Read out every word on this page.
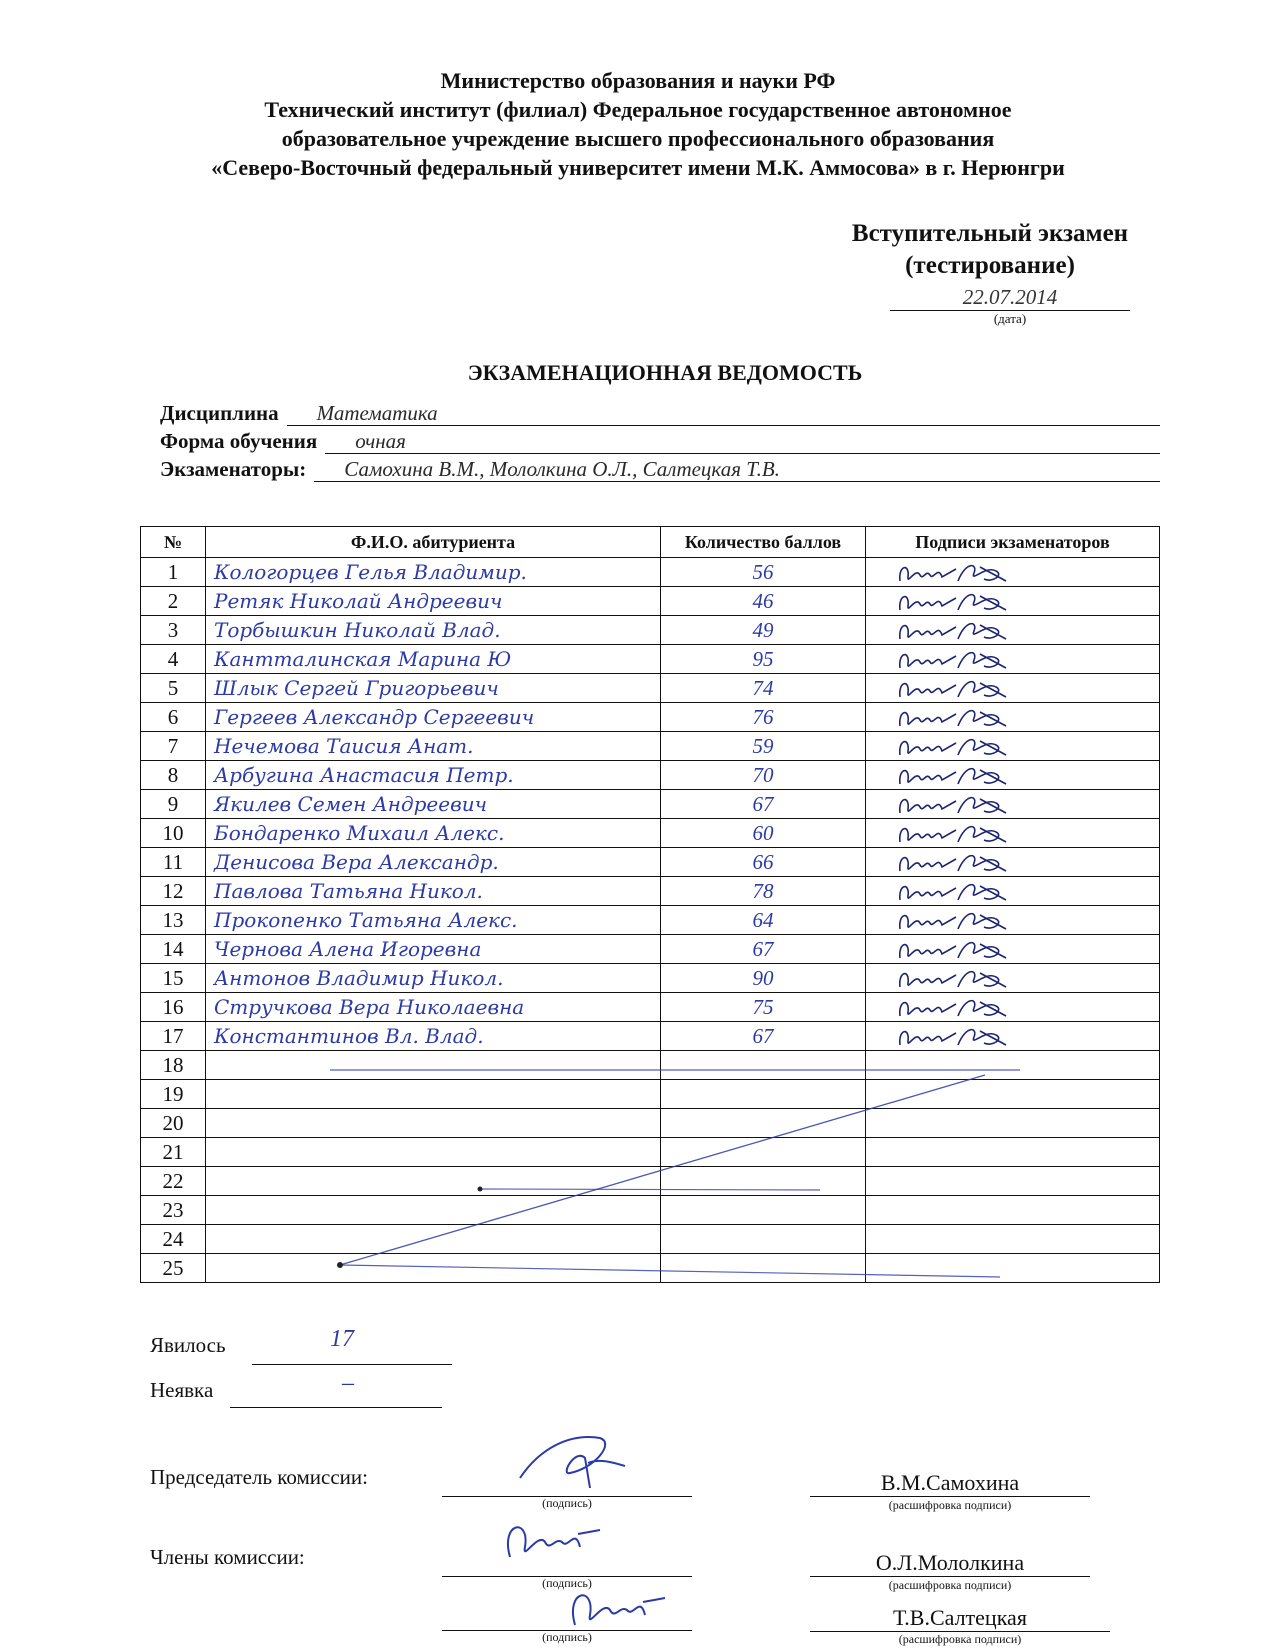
Министерство образования и науки РФ
Технический институт (филиал) Федеральное государственное автономное
образовательное учреждение высшего профессионального образования
«Северо-Восточный федеральный университет имени М.К. Аммосова» в г. Нерюнгри
Вступительный экзамен
(тестирование)
22.07.2014
(дата)
ЭКЗАМЕНАЦИОННАЯ ВЕДОМОСТЬ
Дисциплина	Математика
Форма обучения	очная
Экзаменаторы:	Самохина В.М., Mололкина О.Л., Салтецкая Т.В.
№	Ф.И.О. абитуриента	Количество баллов	Подписи экзаменаторов
1	Кологорцев Гелья Владимир.	56	

2	Ретяк Николай Андреевич	46	

3	Торбышкин Николай Влад.	49	

4	Кантталинская Марина Ю	95	

5	Шлык Сергей Григорьевич	74	

6	Гергеев Александр Сергеевич	76	

7	Нечемова Таисия Анат.	59	

8	Арбугина Анастасия Петр.	70	

9	Якилев Семен Андреевич	67	

10	Бондаренко Михаил Алекс.	60	

11	Денисова Вера Александр.	66	

12	Павлова Татьяна Никол.	78	

13	Прокопенко Татьяна Алекс.	64	

14	Чернова Алена Игоревна	67	

15	Антонов Владимир Никол.	90	

16	Стручкова Вера Николаевна	75	

17	Константинов Вл. Влад.	67	

18			
19			
20			
21			
22			
23			
24			
25			
Явилось	17
Неявка	–
Председатель комиссии:
(подпись)
В.М.Самохина
(расшифровка подписи)
Члены комиссии:
(подпись)
О.Л.Мололкина
(расшифровка подписи)
(подпись)
Т.В.Салтецкая
(расшифровка подписи)
